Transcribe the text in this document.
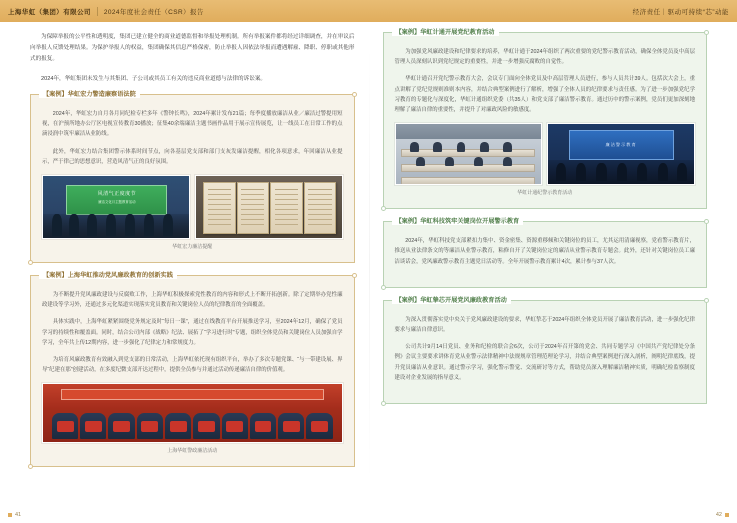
上海华虹（集团）有限公司 2024年度社会责任（CSR）报告	经济责任｜驱动可持续“芯”动能

为保障举报的公平性和透明度，集团已建立健全的商业道德监督和举报处理机制。所有举报案件都将经过详细调查，并在审议后向举报人反馈处理结果。为保护举报人的权益，集团确保其信息严格保密，防止举报人因依法举报而遭遇解雇、降职、停职或其他形式的报复。

2024年，华虹集团未发生与其集团、子公司或其员工有关的违反商业道德与法律的诉讼案。

【案例】华虹宏力警造廉察语法院

2024年，华虹宏力自月各月同纪检专栏多年《警钟长鸣》，2024年累计发布21篇；每季度播放廉洁从业／廉洁过警提用短视，在沪预所地办公厅区电视宣传教育30播放；征集40余端廉洁主题书画作品用于展示宣传展览，让一线员工在日常工作的点滴浸润中筑牢廉洁从业防线。

此外，华虹宏力结合集团警示体系时间节点，向各基层党支部和部门支灰发廉洁提醒，相化各项意求，年回廉洁从业提示，严于律己的思想意识，营造风清气正的良好氛围。

风清气正度度节
廉洁文化月主题教育活动
华虹宏力廉洁提醒
【案例】上海华虹推动党风廉政教育的创新实践

为不断提升党风廉政建设与反腐败工作，上海华虹积极探索党性教育的内容和形式上不断开拓创新。除了定期举办党性廉政建设等学习外，还通过多元化渠道实现落实党员教育和关键岗位人员的纪律教育的全面覆盖。

具体实践中，上海华虹紧紧围绕党务规定及时“每日一课”，通过在线教育平台开展推送学习，至2024年12月，确保了党员学习的持续性和覆盖面。同时，结合公司内部《战略》纪法、展拓了“学习进行时”专题，组织全体党员和关键岗位人员加强自学学习，全年共上传12期内容，进一步强化了纪律定力和常规度力。

为培育风廉政教育有效融入到党支部的日常活动，上海华虹依托现有组织平台，举办了多次专题党课、“与一带建设展、界导“纪建在那”创建活动，在多度纪微支部开达过程中，提供全员参与并通过活动传递廉洁自律的价值观。

上海华虹警政廉洁活动
【案例】华虹计通开展党纪教育活动

为加强党风廉政建设和纪律要求的培养，华虹计通于2024年组织了两次重要的党纪警示教育活动，确保全体党员及中高层管理人员深刻认识到党纪规定的重要性，并进一步增强反腐败的自觉性。

华虹计通召开党纪警示教育大会，会议专门面向全体党员及中高层管理人员进行，参与人员共计39人。包括次大会上，重点讲解了党纪党规则准则本内容，并结合典型案例进行了解析，增强了全体人员的纪律要求与责任感。为了进一步加强党纪学习教育的专题化与深度化，华虹计通组织党委（共35人）和党支部了廉洁警示教育。通过历中的警示案例，党员们更加深刻地理解了廉洁自律的重要性，并提升了对廉政风险的敏感度。

廉洁警示教育
华虹计通纪警示教育活动
【案例】华虹科技筑牢关键岗位开展警示教育

2024年，华虹科技党支部紧扣力集中、资金密集、资源重移倾和关键岗位的员工，尤其运用清廉视察，党看警示教育片，推送从业法律条文的等廉洁从业警示教育，粘修自开了关键岗位定的廉洁从业警示教育专题会。此外，还针对关键岗位员工廉洁谈话会，党风廉政警示教育主题党日活动等。全年开展警示教育累计4次，累计参与37人次。

【案例】华虹挚芯开展党风廉政教育活动

为深入贯彻落实党中央关于党风廉政建设的要求，华虹挚芯于2024年组织全体党员开展了廉洁教育活动，进一步强化纪律要求与廉洁自律意识。

公司共计9月14日党员、业务和纪检的联合会6次，公司于2024年召开第的党会、共同专题学习《中国共产党纪律处分条例》会议主要要求讲体育党从业警示法律精神中法规规章管理范理论学习，并结合典型案例进行深入剖析，阐明纪律底线，提升党员廉洁从业意识。通过警示学习，强化警示警觉、交流研讨等方式，帮助党员深入理解廉洁精神实质，明确纪检监察制度建设对企业发展的指导意义。

41	42
